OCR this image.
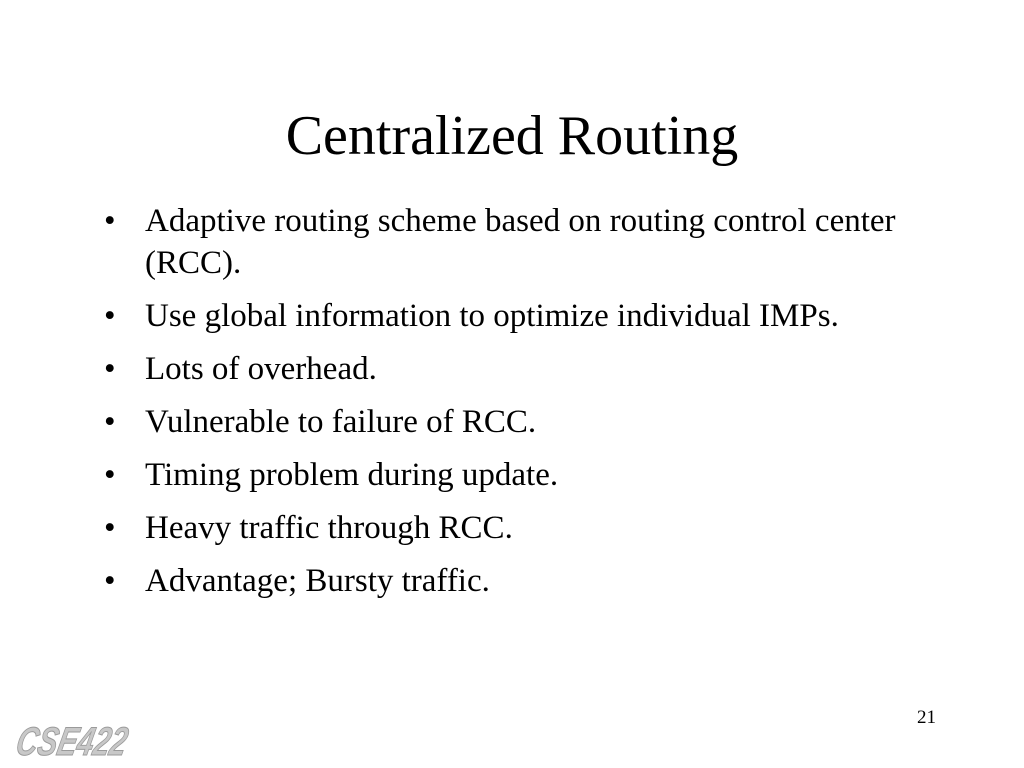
Centralized Routing
• Adaptive routing scheme based on routing control center (RCC).
• Use global information to optimize individual IMPs.
• Lots of overhead.
• Vulnerable to failure of RCC.
• Timing problem during update.
• Heavy traffic through RCC.
• Advantage; Bursty traffic.
CSE422
21
